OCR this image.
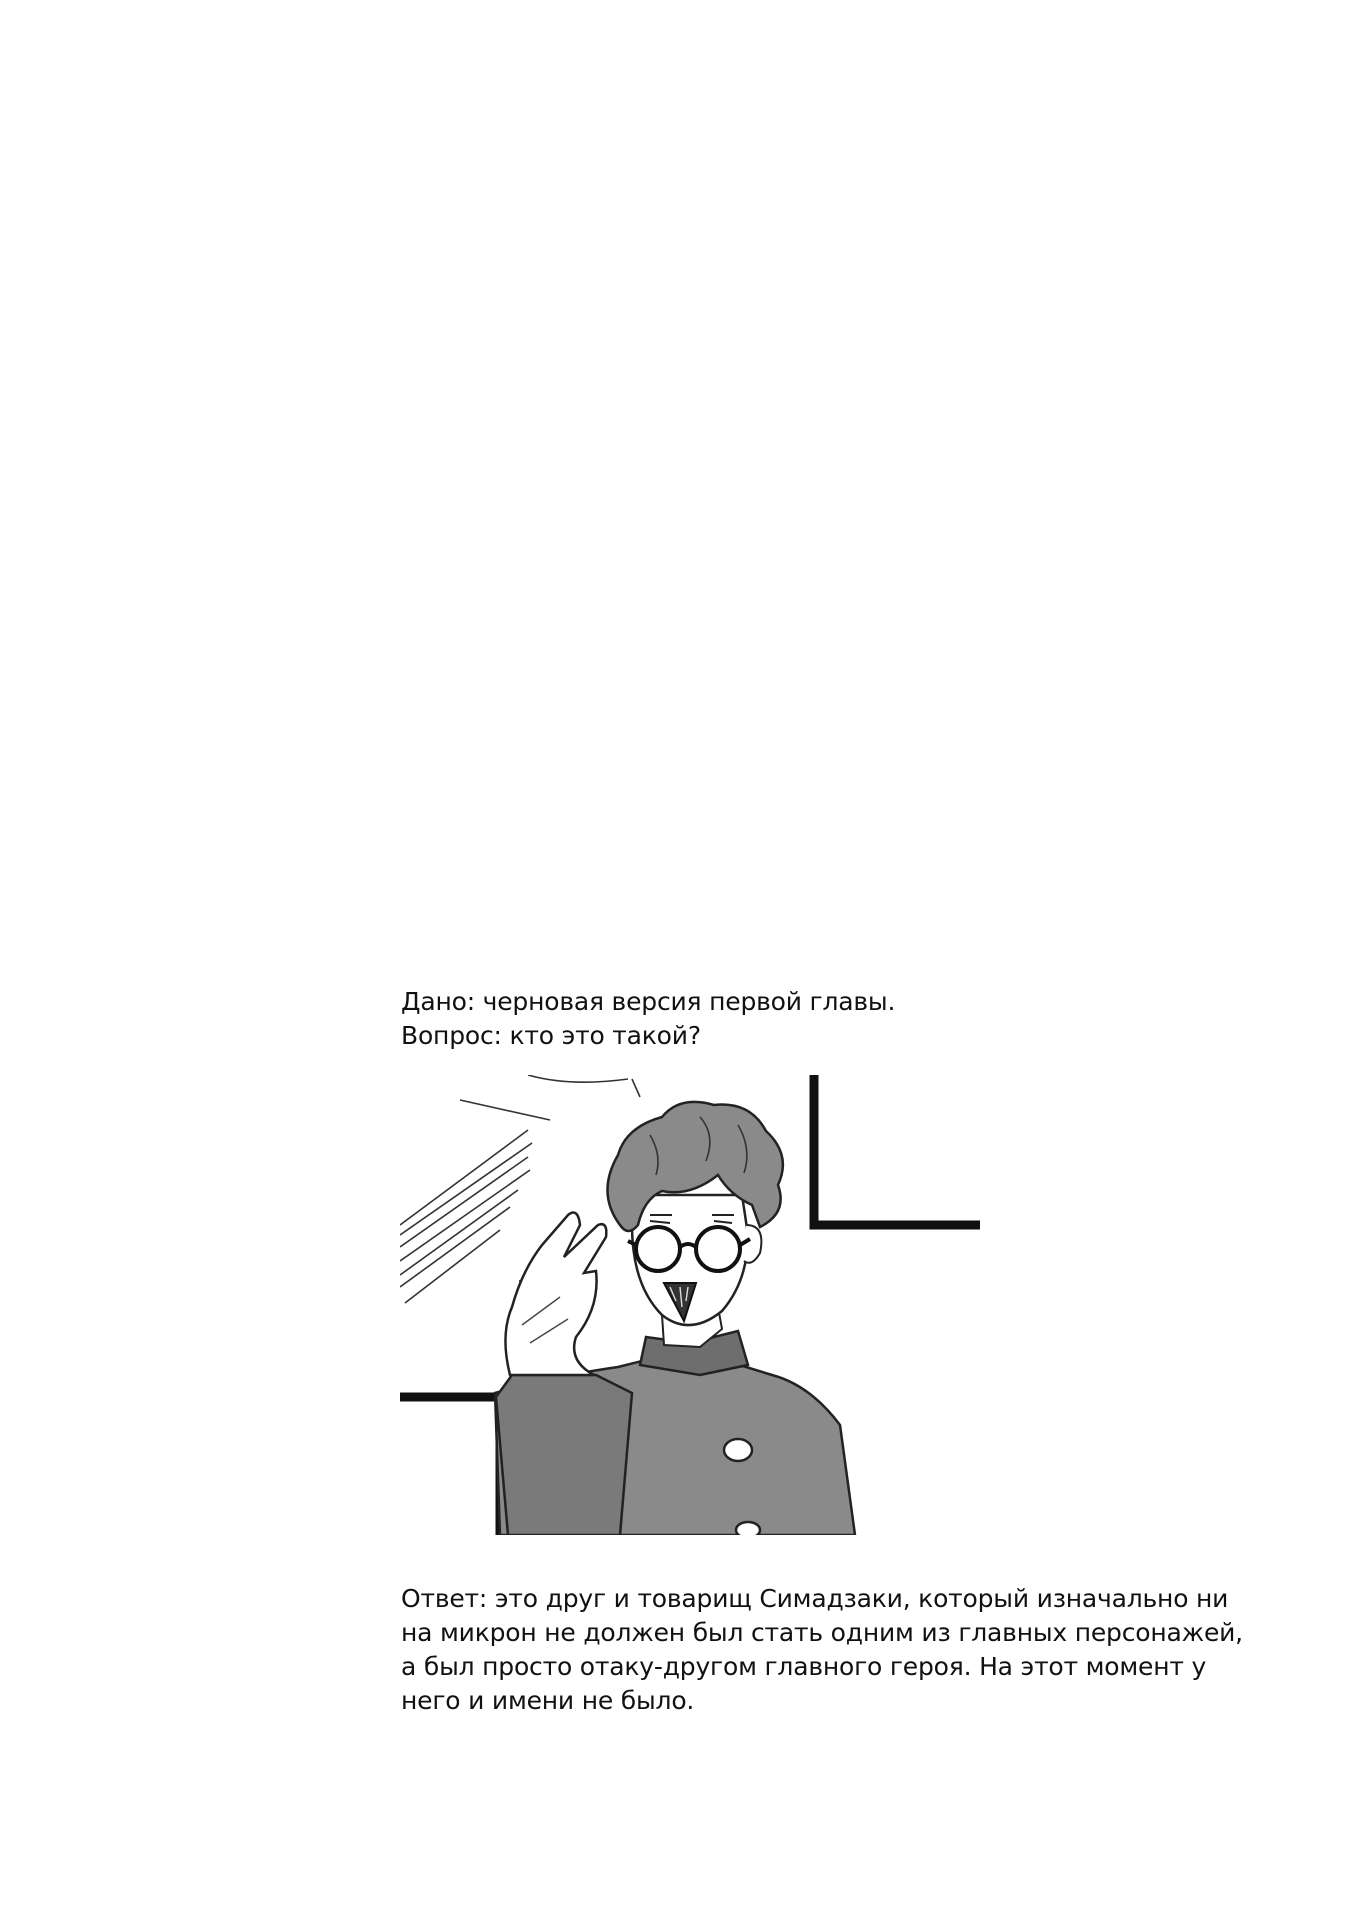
Дано: черновая версия первой главы.

Вопрос: кто это такой?

Ответ: это друг и товарищ Симадзаки, который изначально ни

на микрон не должен был стать одним из главных персонажей,

а был просто отаку-другом главного героя. На этот момент у

него и имени не было.
